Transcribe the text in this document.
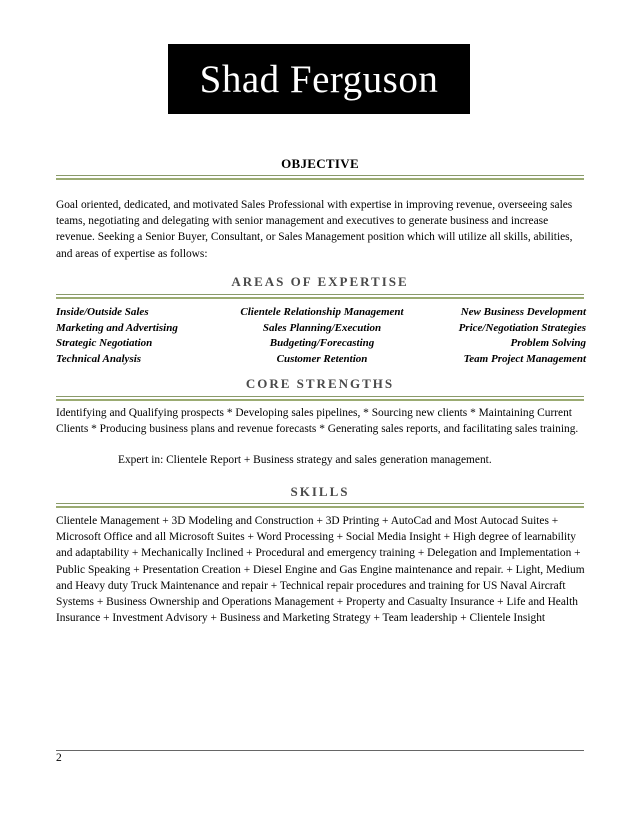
Shad Ferguson
OBJECTIVE
Goal oriented, dedicated, and motivated Sales Professional with expertise in improving revenue, overseeing sales teams, negotiating and delegating with senior management and executives to generate business and increase revenue. Seeking a Senior Buyer, Consultant, or Sales Management position which will utilize all skills, abilities, and areas of expertise as follows:
AREAS OF EXPERTISE
Inside/Outside Sales
Marketing and Advertising
Strategic Negotiation
Technical Analysis
Clientele Relationship Management
Sales Planning/Execution
Budgeting/Forecasting
Customer Retention
New Business Development
Price/Negotiation Strategies
Problem Solving
Team Project Management
CORE STRENGTHS
Identifying and Qualifying prospects * Developing sales pipelines, * Sourcing new clients * Maintaining Current Clients * Producing business plans and revenue forecasts * Generating sales reports, and facilitating sales training.
Expert in: Clientele Report + Business strategy and sales generation management.
SKILLS
Clientele Management + 3D Modeling and Construction + 3D Printing + AutoCad and Most Autocad Suites + Microsoft Office and all Microsoft Suites + Word Processing + Social Media Insight + High degree of learnability and adaptability + Mechanically Inclined + Procedural and emergency training + Delegation and Implementation + Public Speaking + Presentation Creation + Diesel Engine and Gas Engine maintenance and repair. + Light, Medium and Heavy duty Truck Maintenance and repair + Technical repair procedures and training for US Naval Aircraft Systems + Business Ownership and Operations Management + Property and Casualty Insurance + Life and Health Insurance + Investment Advisory + Business and Marketing Strategy + Team leadership + Clientele Insight
2
